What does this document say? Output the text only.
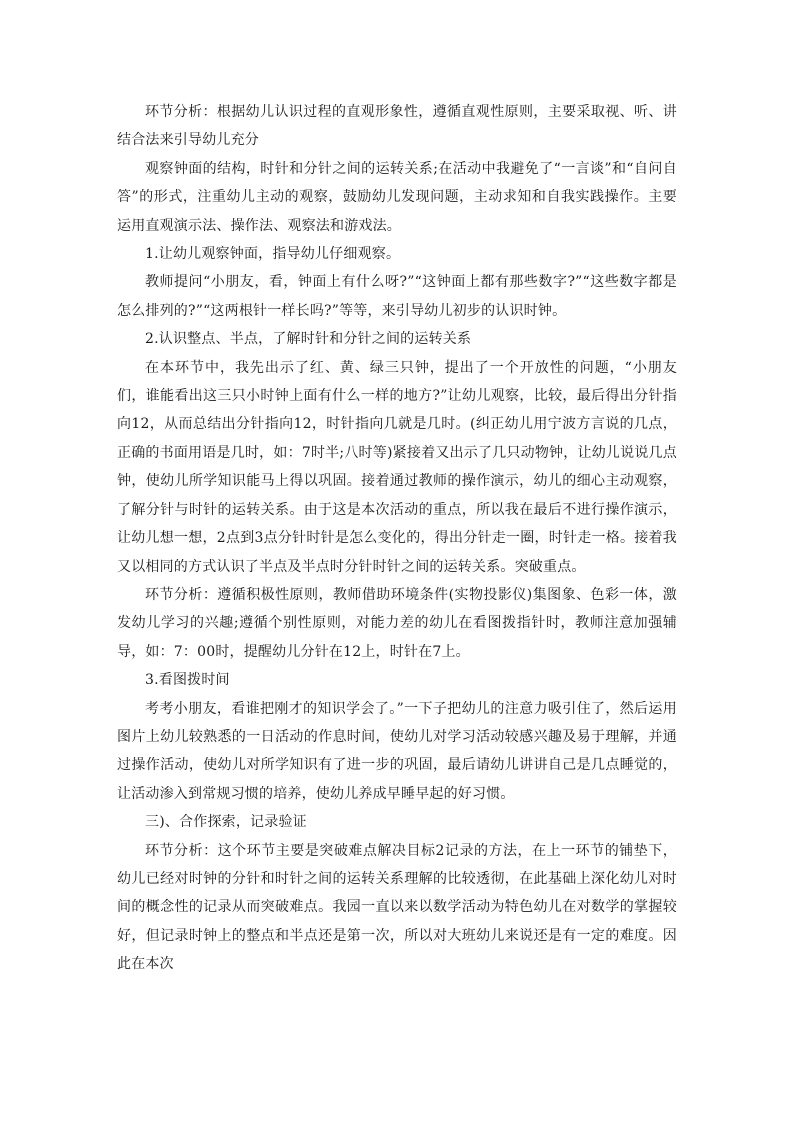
环节分析：根据幼儿认识过程的直观形象性，遵循直观性原则，主要采取视、听、讲结合法来引导幼儿充分

观察钟面的结构，时针和分针之间的运转关系;在活动中我避免了“一言谈”和“自问自答”的形式，注重幼儿主动的观察，鼓励幼儿发现问题，主动求知和自我实践操作。主要运用直观演示法、操作法、观察法和游戏法。

1.让幼儿观察钟面，指导幼儿仔细观察。

教师提问“小朋友，看，钟面上有什么呀?”“这钟面上都有那些数字?”“这些数字都是怎么排列的?”“这两根针一样长吗?”等等，来引导幼儿初步的认识时钟。

2.认识整点、半点，了解时针和分针之间的运转关系

在本环节中，我先出示了红、黄、绿三只钟，提出了一个开放性的问题，“小朋友们，谁能看出这三只小时钟上面有什么一样的地方?”让幼儿观察，比较，最后得出分针指向12，从而总结出分针指向12，时针指向几就是几时。(纠正幼儿用宁波方言说的几点，正确的书面用语是几时，如：7时半;八时等)紧接着又出示了几只动物钟，让幼儿说说几点钟，使幼儿所学知识能马上得以巩固。接着通过教师的操作演示，幼儿的细心主动观察，了解分针与时针的运转关系。由于这是本次活动的重点，所以我在最后不进行操作演示，让幼儿想一想，2点到3点分针时针是怎么变化的，得出分针走一圈，时针走一格。接着我又以相同的方式认识了半点及半点时分针时针之间的运转关系。突破重点。

环节分析：遵循积极性原则，教师借助环境条件(实物投影仪)集图象、色彩一体，激发幼儿学习的兴趣;遵循个别性原则，对能力差的幼儿在看图拨指针时，教师注意加强辅导，如：7：00时，提醒幼儿分针在12上，时针在7上。

3.看图拨时间

考考小朋友，看谁把刚才的知识学会了。”一下子把幼儿的注意力吸引住了，然后运用图片上幼儿较熟悉的一日活动的作息时间，使幼儿对学习活动较感兴趣及易于理解，并通过操作活动，使幼儿对所学知识有了进一步的巩固，最后请幼儿讲讲自己是几点睡觉的，让活动渗入到常规习惯的培养，使幼儿养成早睡早起的好习惯。

三)、合作探索，记录验证

环节分析：这个环节主要是突破难点解决目标2记录的方法，在上一环节的铺垫下，幼儿已经对时钟的分针和时针之间的运转关系理解的比较透彻，在此基础上深化幼儿对时间的概念性的记录从而突破难点。我园一直以来以数学活动为特色幼儿在对数学的掌握较好，但记录时钟上的整点和半点还是第一次，所以对大班幼儿来说还是有一定的难度。因此在本次
